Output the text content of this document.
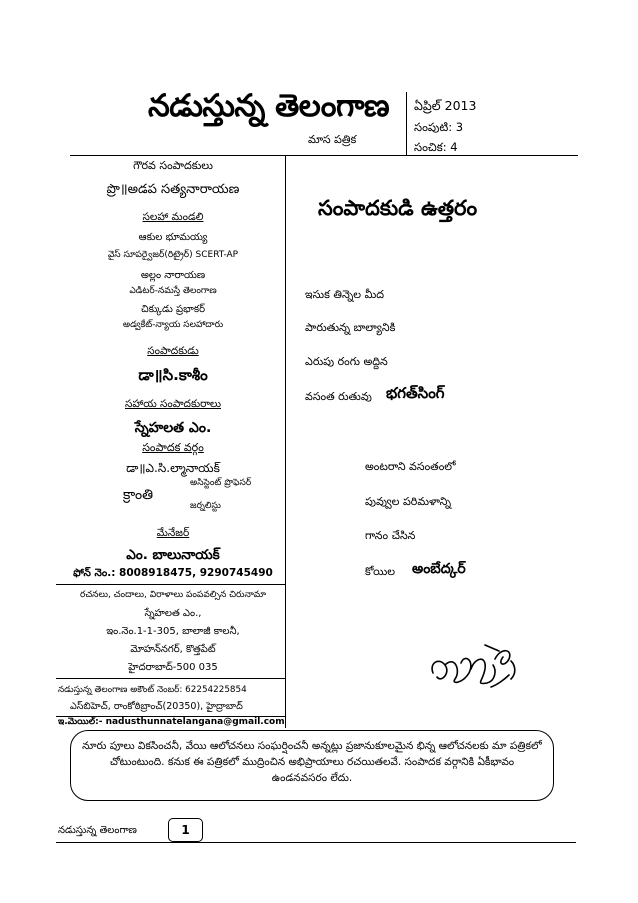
నడుస్తున్న తెలంగాణ
మాస పత్రిక
ఏప్రిల్ 2013
సంపుటి: 3
సంచిక: 4
గౌరవ సంపాదకులు
ప్రొ॥అడప సత్యనారాయణ
సలహా మండలి
ఆకుల భూమయ్య
వైస్ సూపర్వైజర్(రిట్రైర్) SCERT-AP
అల్లం నారాయణ
ఎడిటర్-నమస్తే తెలంగాణ
చిక్కుడు ప్రభాకర్
అడ్వకేట్-న్యాయ సలహాదారు
సంపాదకుడు
డా॥సి.కాశీం
సహాయ సంపాదకురాలు
స్నేహలత ఎం.
సంపాదక వర్గం
డా॥ఎ.సి.ల్మానాయక్
అసిస్టెంట్ ప్రొఫెసర్
క్రాంతి
జర్నలిస్టు
మేనేజర్
ఎం. బాలునాయక్
ఫోన్ నెం.: 8008918475, 9290745490
రచనలు, చందాలు, విరాళాలు పంపవల్సిన చిరునామా
స్నేహలత ఎం.,
ఇం.నెం.1-1-305, బాలాజీ కాలనీ,
మోహన్‌నగర్, కొత్తపేట్
హైదరాబాద్-500 035
నడుస్తున్న తెలంగాణ అకౌంట్ నెంబర్: 62254225854
ఎస్‌బిహెచ్, రాంకోఠిబ్రాంచ్(20350), హైద్రాబాద్
ఇ.మెయిల్:- nadusthunnatelangana@gmail.com
సంపాదకుడి ఉత్తరం
ఇసుక తిన్నెల మీద
పారుతున్న బాల్యానికి
ఎరుపు రంగు అద్దిన
వసంత రుతువు భగత్‌సింగ్
అంటరాని వసంతంలో
పువ్వుల పరిమళాన్ని
గానం చేసిన
కోయిల అంబేద్కర్
నూరు పూలు వికసించనీ, వేయి ఆలోచనలు సంఘర్షించనీ అన్నట్లు ప్రజానుకూలమైన భిన్న ఆలోచనలకు మా పత్రికలో చోటుంటుంది. కనుక ఈ పత్రికలో ముద్రించిన అభిప్రాయాలు రచయితలవే. సంపాదక వర్గానికి ఏకీభావం ఉండనవసరం లేదు.
నడుస్తున్న తెలంగాణ	1
